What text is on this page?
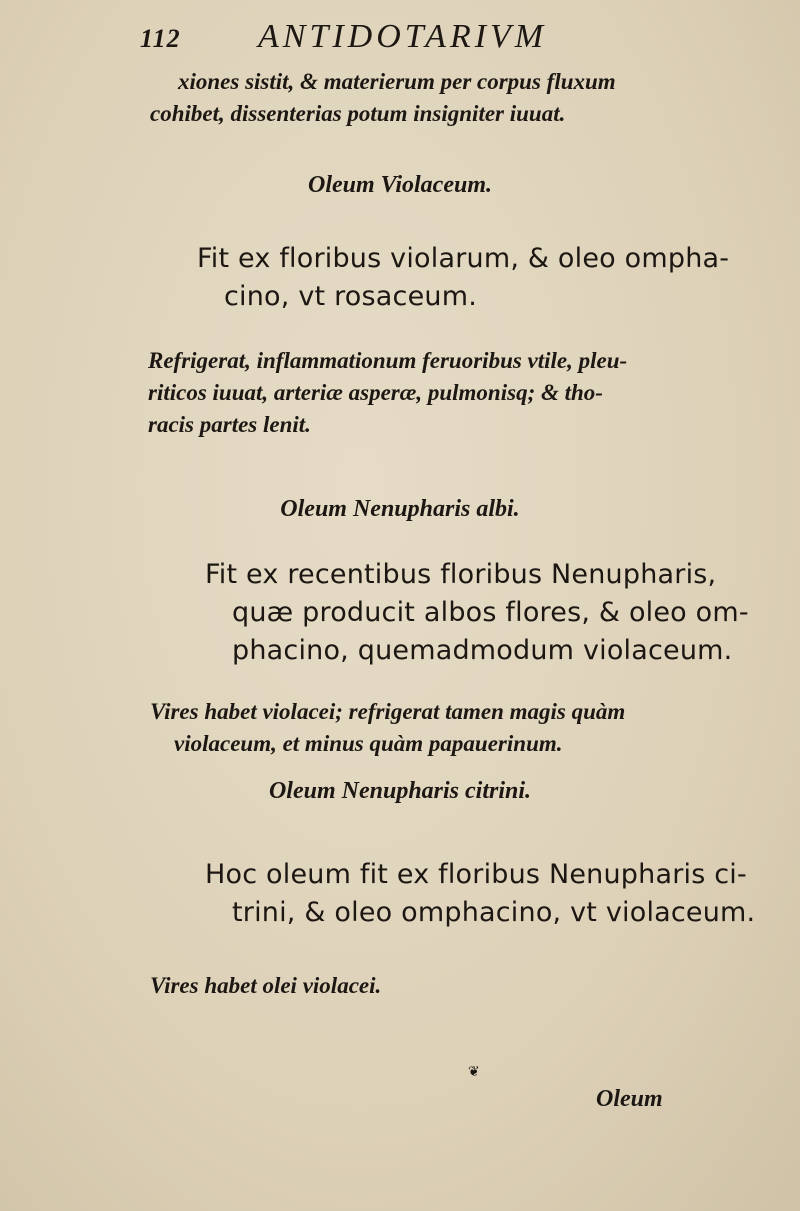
112 ANTIDOTARIVM
xiones sistit, & materierum per corpus fluxum
cohibet, dissenterias potum insigniter iuuat.
Oleum Violaceum.
Fit ex floribus violarum, & oleo ompha-
cino, vt rosaceum.
Refrigerat, inflammationum feruoribus vtile, pleu-
riticos iuuat, arteriæ asperæ, pulmonisq; & tho-
racis partes lenit.
Oleum Nenupharis albi.
Fit ex recentibus floribus Nenupharis,
quæ producit albos flores, & oleo om-
phacino, quemadmodum violaceum.
Vires habet violacei; refrigerat tamen magis quàm
violaceum, et minus quàm papauerinum.
Oleum Nenupharis citrini.
Hoc oleum fit ex floribus Nenupharis ci-
trini, & oleo omphacino, vt violaceum.
Vires habet olei violacei.
❦
Oleum
